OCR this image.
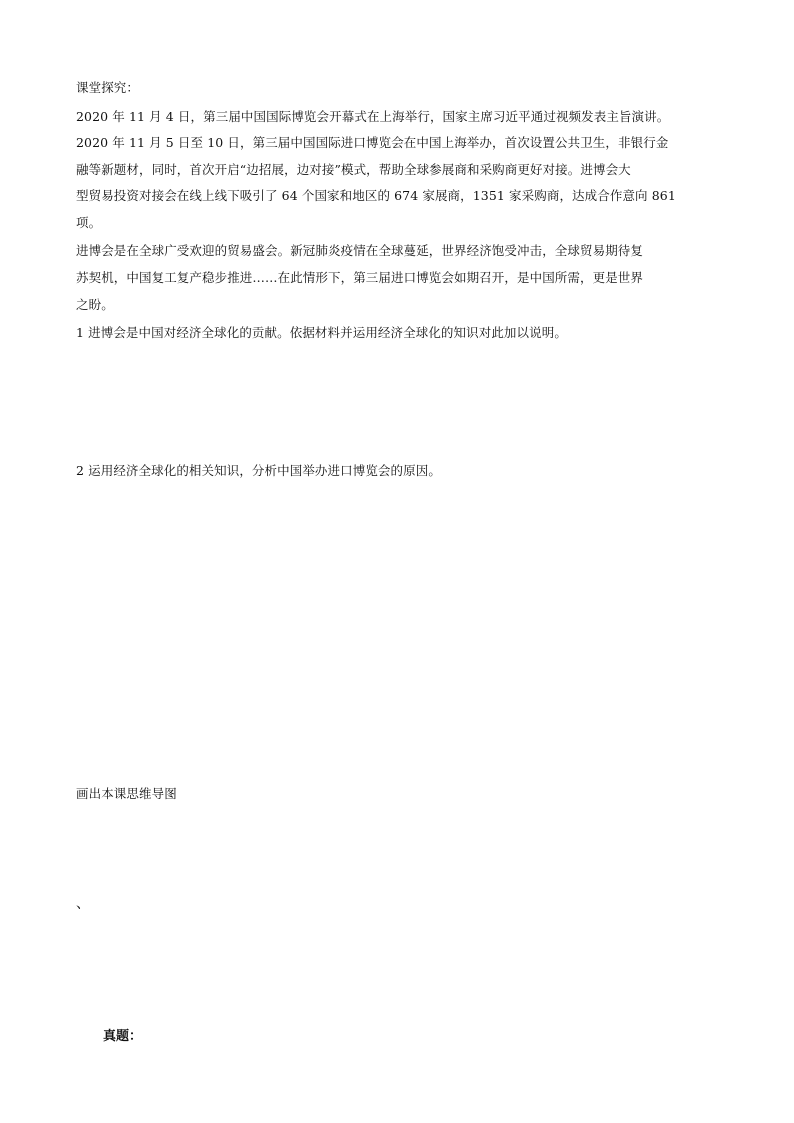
课堂探究：
2020 年 11 月 4 日，第三届中国国际博览会开幕式在上海举行，国家主席习近平通过视频发表主旨演讲。
2020 年 11 月 5 日至 10 日，第三届中国国际进口博览会在中国上海举办，首次设置公共卫生，非银行金
融等新题材，同时，首次开启“边招展，边对接”模式，帮助全球参展商和采购商更好对接。进博会大
型贸易投资对接会在线上线下吸引了 64 个国家和地区的 674 家展商，1351 家采购商，达成合作意向 861
项。
进博会是在全球广受欢迎的贸易盛会。新冠肺炎疫情在全球蔓延，世界经济饱受冲击，全球贸易期待复
苏契机，中国复工复产稳步推进……在此情形下，第三届进口博览会如期召开，是中国所需，更是世界
之盼。
1 进博会是中国对经济全球化的贡献。依据材料并运用经济全球化的知识对此加以说明。
2 运用经济全球化的相关知识，分析中国举办进口博览会的原因。
画出本课思维导图
、
真题：
